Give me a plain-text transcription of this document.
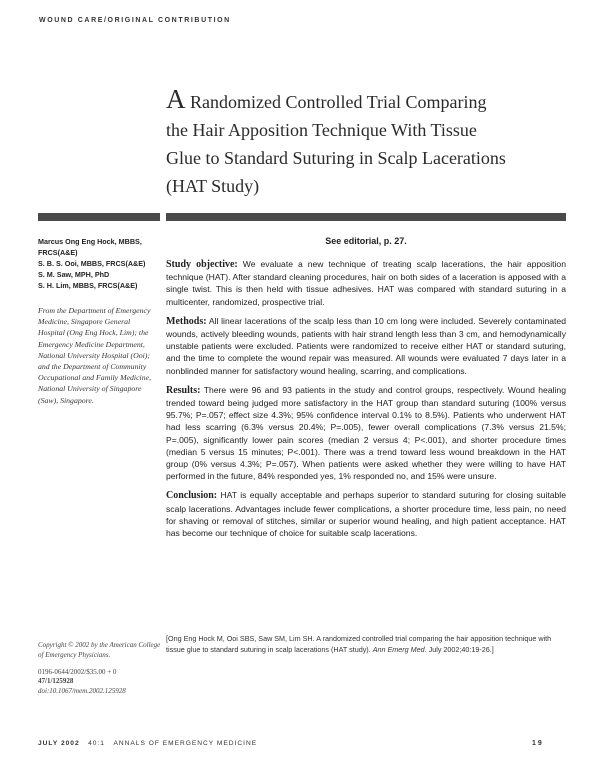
WOUND CARE/ORIGINAL CONTRIBUTION
A Randomized Controlled Trial Comparing
the Hair Apposition Technique With Tissue
Glue to Standard Suturing in Scalp Lacerations
(HAT Study)
See editorial, p. 27.

Marcus Ong Eng Hock, MBBS, FRCS(A&E)

S. B. S. Ooi, MBBS, FRCS(A&E)

S. M. Saw, MPH, PhD

S. H. Lim, MBBS, FRCS(A&E)

From the Department of Emergency Medicine, Singapore General Hospital (Ong Eng Hock, Lim); the Emergency Medicine Department, National University Hospital (Ooi); and the Department of Community Occupational and Family Medicine, National University of Singapore (Saw), Singapore.

Study objective: We evaluate a new technique of treating scalp lacerations, the hair apposition technique (HAT). After standard cleaning procedures, hair on both sides of a laceration is apposed with a single twist. This is then held with tissue adhesives. HAT was compared with standard suturing in a multicenter, randomized, prospective trial.

Methods: All linear lacerations of the scalp less than 10 cm long were included. Severely contaminated wounds, actively bleeding wounds, patients with hair strand length less than 3 cm, and hemodynamically unstable patients were excluded. Patients were randomized to receive either HAT or standard suturing, and the time to complete the wound repair was measured. All wounds were evaluated 7 days later in a nonblinded manner for satisfactory wound healing, scarring, and complications.

Results: There were 96 and 93 patients in the study and control groups, respectively. Wound healing trended toward being judged more satisfactory in the HAT group than standard suturing (100% versus 95.7%; P=.057; effect size 4.3%; 95% confidence interval 0.1% to 8.5%). Patients who underwent HAT had less scarring (6.3% versus 20.4%; P=.005), fewer overall complications (7.3% versus 21.5%; P=.005), significantly lower pain scores (median 2 versus 4; P<.001), and shorter procedure times (median 5 versus 15 minutes; P<.001). There was a trend toward less wound breakdown in the HAT group (0% versus 4.3%; P=.057). When patients were asked whether they were willing to have HAT performed in the future, 84% responded yes, 1% responded no, and 15% were unsure.

Conclusion: HAT is equally acceptable and perhaps superior to standard suturing for closing suitable scalp lacerations. Advantages include fewer complications, a shorter procedure time, less pain, no need for shaving or removal of stitches, similar or superior wound healing, and high patient acceptance. HAT has become our technique of choice for suitable scalp lacerations.

[Ong Eng Hock M, Ooi SBS, Saw SM, Lim SH. A randomized controlled trial comparing the hair apposition technique with tissue glue to standard suturing in scalp lacerations (HAT study). Ann Emerg Med. July 2002;40:19-26.]
Copyright © 2002 by the American College of Emergency Physicians.
0196-0644/2002/$35.00 + 0
47/1/125928
doi:10.1067/mem.2002.125928
JULY 2002 40:1 ANNALS OF EMERGENCY MEDICINE	19
